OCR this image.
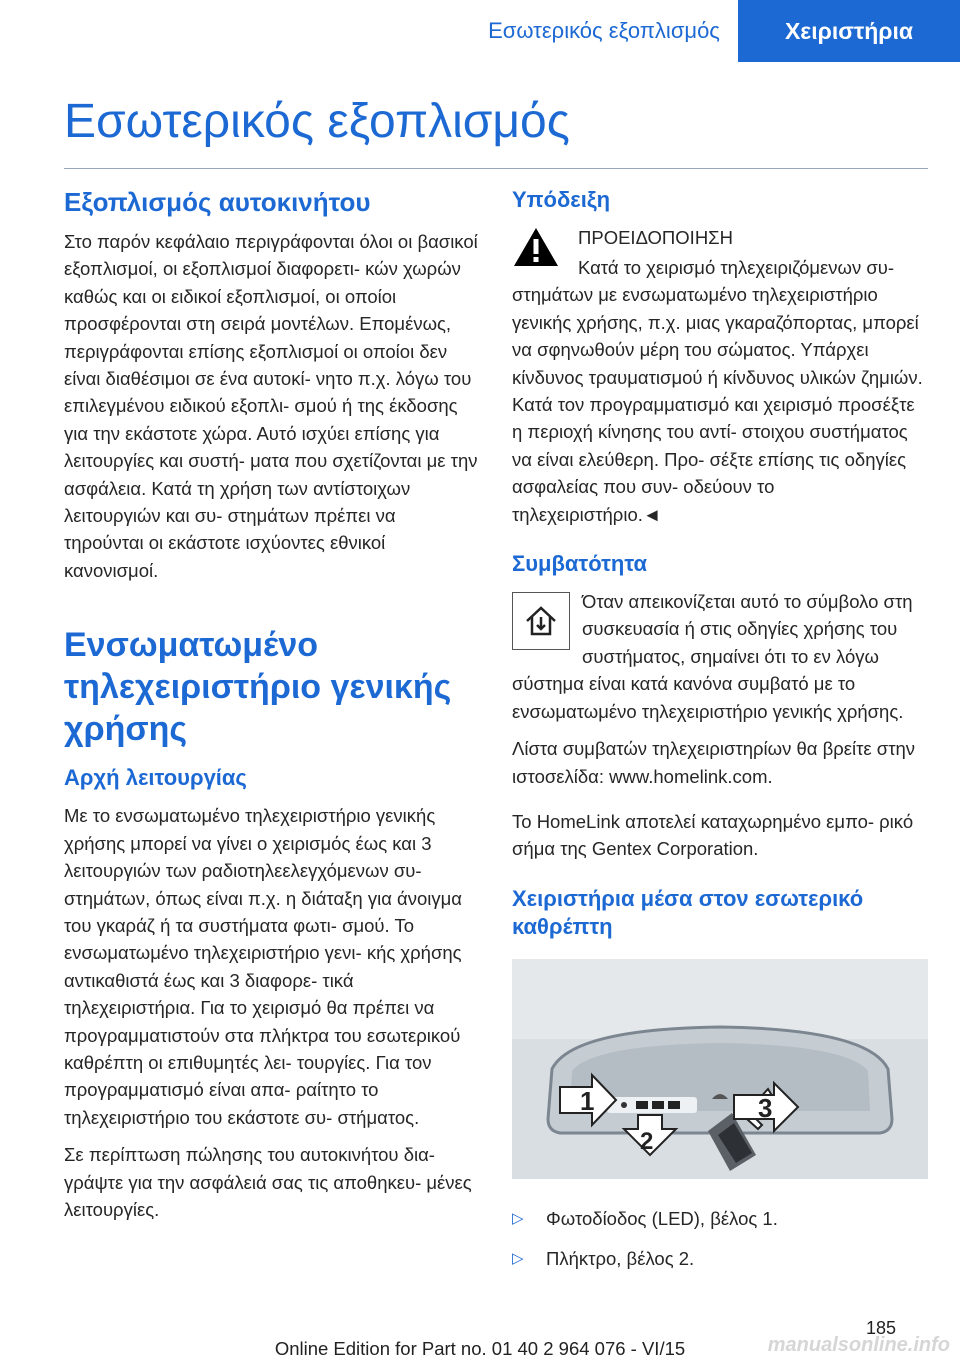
Εσωτερικός εξοπλισμός	Χειριστήρια
Εσωτερικός εξοπλισμός
Εξοπλισμός αυτοκινήτου

Στο παρόν κεφάλαιο περιγράφονται όλοι οι βασικοί εξοπλισμοί, οι εξοπλισμοί διαφορετι- κών χωρών καθώς και οι ειδικοί εξοπλισμοί, οι οποίοι προσφέρονται στη σειρά μοντέλων. Επομένως, περιγράφονται επίσης εξοπλισμοί οι οποίοι δεν είναι διαθέσιμοι σε ένα αυτοκί- νητο π.χ. λόγω του επιλεγμένου ειδικού εξοπλι- σμού ή της έκδοσης για την εκάστοτε χώρα. Αυτό ισχύει επίσης για λειτουργίες και συστή- ματα που σχετίζονται με την ασφάλεια. Κατά τη χρήση των αντίστοιχων λειτουργιών και συ- στημάτων πρέπει να τηρούνται οι εκάστοτε ισχύοντες εθνικοί κανονισμοί.

Ενσωματωμένο τηλεχειριστήριο γενικής χρήσης
Αρχή λειτουργίας

Με το ενσωματωμένο τηλεχειριστήριο γενικής χρήσης μπορεί να γίνει ο χειρισμός έως και 3 λειτουργιών των ραδιοτηλεελεγχόμενων συ- στημάτων, όπως είναι π.χ. η διάταξη για άνοιγμα του γκαράζ ή τα συστήματα φωτι- σμού. Το ενσωματωμένο τηλεχειριστήριο γενι- κής χρήσης αντικαθιστά έως και 3 διαφορε- τικά τηλεχειριστήρια. Για το χειρισμό θα πρέπει να προγραμματιστούν στα πλήκτρα του εσωτερικού καθρέπτη οι επιθυμητές λει- τουργίες. Για τον προγραμματισμό είναι απα- ραίτητο το τηλεχειριστήριο του εκάστοτε συ- στήματος.

Σε περίπτωση πώλησης του αυτοκινήτου δια- γράψτε για την ασφάλειά σας τις αποθηκευ- μένες λειτουργίες.

Υπόδειξη
ΠΡΟΕΙΔΟΠΟΙΗΣΗ

Κατά το χειρισμό τηλεχειριζόμενων συ- στημάτων με ενσωματωμένο τηλεχειριστήριο γενικής χρήσης, π.χ. μιας γκαραζόπορτας, μπορεί να σφηνωθούν μέρη του σώματος. Υπάρχει κίνδυνος τραυματισμού ή κίνδυνος υλικών ζημιών. Κατά τον προγραμματισμό και χειρισμό προσέξτε η περιοχή κίνησης του αντί- στοιχου συστήματος να είναι ελεύθερη. Προ- σέξτε επίσης τις οδηγίες ασφαλείας που συν- οδεύουν το τηλεχειριστήριο.◄

Συμβατότητα

Όταν απεικονίζεται αυτό το σύμβολο στη συσκευασία ή στις οδηγίες χρήσης του συστήματος, σημαίνει ότι το εν λόγω σύστημα είναι κατά κανόνα συμβατό με το ενσωματωμένο τηλεχειριστήριο γενικής χρήσης.

Λίστα συμβατών τηλεχειριστηρίων θα βρείτε στην ιστοσελίδα: www.homelink.com.

Το HomeLink αποτελεί καταχωρημένο εμπο- ρικό σήμα της Gentex Corporation.

Χειριστήρια μέσα στον εσωτερικό καθρέπτη
1
2
3
▷	Φωτοδίοδος (LED), βέλος 1.
▷	Πλήκτρο, βέλος 2.
185
Online Edition for Part no. 01 40 2 964 076 - VI/15	manualsonline.info
